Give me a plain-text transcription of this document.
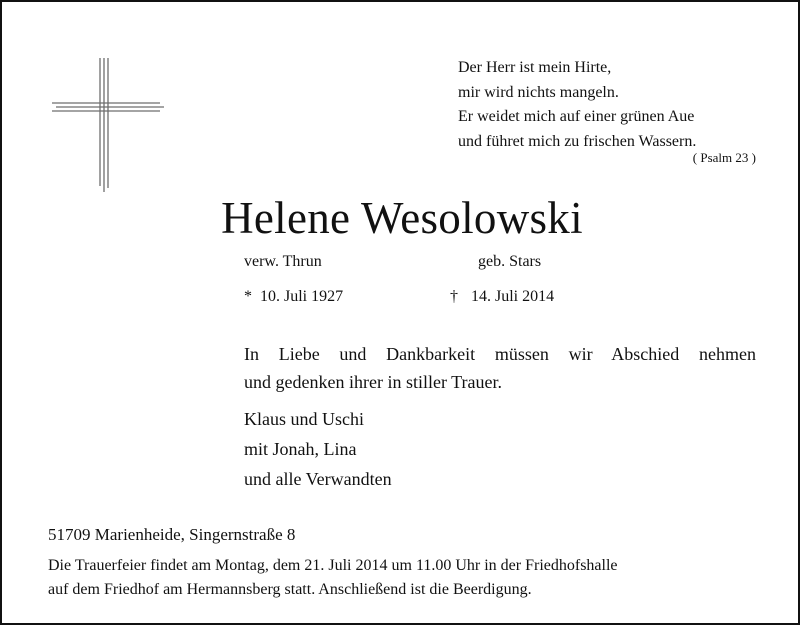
Der Herr ist mein Hirte,
mir wird nichts mangeln.
Er weidet mich auf einer grünen Aue
und führet mich zu frischen Wassern.
( Psalm 23 )
Helene Wesolowski
verw. Thrun	geb. Stars
* 10. Juli 1927	† 14. Juli 2014
In Liebe und Dankbarkeit müssen wir Abschied nehmen
und gedenken ihrer in stiller Trauer.
Klaus und Uschi
mit Jonah, Lina
und alle Verwandten
51709 Marienheide, Singernstraße 8
Die Trauerfeier findet am Montag, dem 21. Juli 2014 um 11.00 Uhr in der Friedhofshalle
auf dem Friedhof am Hermannsberg statt. Anschließend ist die Beerdigung.
